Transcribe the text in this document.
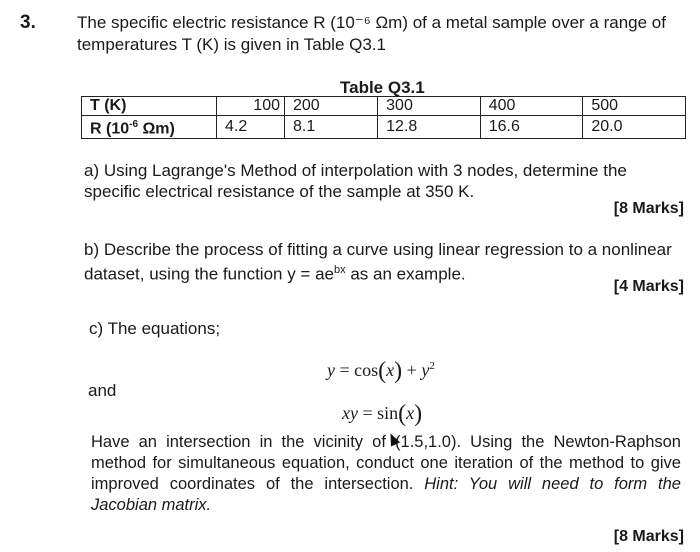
3. The specific electric resistance R (10⁻⁶ Ωm) of a metal sample over a range of temperatures T (K) is given in Table Q3.1
Table Q3.1
T (K)	100	200	300	400	500
R ($10^{-6}$ Ωm)	4.2	8.1	12.8	16.6	20.0
a) Using Lagrange's Method of interpolation with 3 nodes, determine the specific electrical resistance of the sample at 350 K.
[8 Marks]
b) Describe the process of fitting a curve using linear regression to a nonlinear dataset, using the function $y = ae^{bx}$ as an example.
[4 Marks]
c) The equations;
$y = \cos(x) + y^2$
and
xy = sin(x)
Have an intersection in the vicinity of (1.5,1.0). Using the Newton-Raphson method for simultaneous equation, conduct one iteration of the method to give improved coordinates of the intersection. Hint: You will need to form the Jacobian matrix.
[8 Marks]
